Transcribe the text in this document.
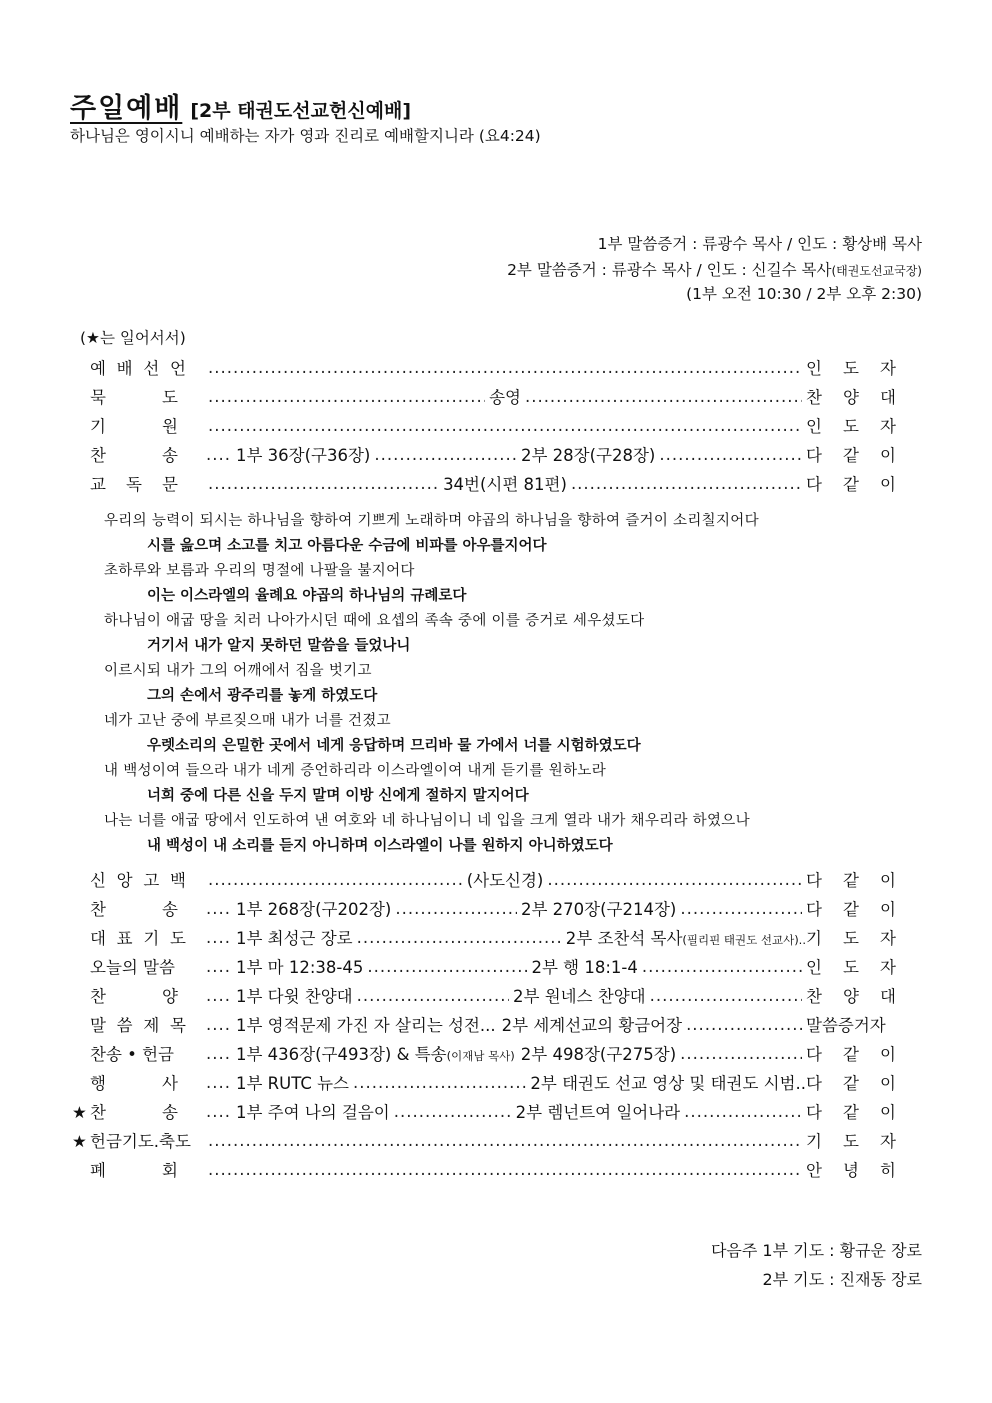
주일예배 [2부 태권도선교헌신예배]
하나님은 영이시니 예배하는 자가 영과 진리로 예배할지니라 (요4:24)
1부 말씀증거 : 류광수 목사 / 인도 : 황상배 목사
2부 말씀증거 : 류광수 목사 / 인도 : 신길수 목사(태권도선교국장)
(1부 오전 10:30 / 2부 오후 2:30)
(★는 일어서서)
예 배 선 언 .....	인 도 자
묵	도 .....	송영 .....	찬 양 대
기	원 .....	인 도 자
찬	송 .....	1부 36장(구36장) .....	2부 28장(구28장) .....	다 같 이
교 독 문 .....	34번(시편 81편) .....	다 같 이
우리의 능력이 되시는 하나님을 향하여 기쁘게 노래하며 야곱의 하나님을 향하여 즐거이 소리칠지어다
시를 읊으며 소고를 치고 아름다운 수금에 비파를 아우를지어다
초하루와 보름과 우리의 명절에 나팔을 불지어다
이는 이스라엘의 율례요 야곱의 하나님의 규례로다
하나님이 애굽 땅을 치러 나아가시던 때에 요셉의 족속 중에 이를 증거로 세우셨도다
거기서 내가 알지 못하던 말씀을 들었나니
이르시되 내가 그의 어깨에서 짐을 벗기고
그의 손에서 광주리를 놓게 하였도다
네가 고난 중에 부르짖으매 내가 너를 건졌고
우렛소리의 은밀한 곳에서 네게 응답하며 므리바 물 가에서 너를 시험하였도다
내 백성이여 들으라 내가 네게 증언하리라 이스라엘이여 내게 듣기를 원하노라
너희 중에 다른 신을 두지 말며 이방 신에게 절하지 말지어다
나는 너를 애굽 땅에서 인도하여 낸 여호와 네 하나님이니 네 입을 크게 열라 내가 채우리라 하였으나
내 백성이 내 소리를 듣지 아니하며 이스라엘이 나를 원하지 아니하였도다
신 앙 고 백 .....	(사도신경) .....	다 같 이
찬	송 .....	1부 268장(구202장) .....	2부 270장(구214장) .....	다 같 이
대 표 기 도 .....	1부 최성근 장로 .....	2부 조찬석 목사(필리핀 태권도 선교사).. 기 도 자
오늘의 말씀 .....	1부 마 12:38-45 .....	2부 행 18:1-4 .....	인 도 자
찬	양 .....	1부 다윗 찬양대 .....	2부 원네스 찬양대 .....	찬 양 대
말 씀 제 목 .....	1부 영적문제 가진 자 살리는 성전... 2부 세계선교의 황금어장 .....	말씀증거자
찬송 • 헌금 .....	1부 436장(구493장) & 특송(이재남 목사) 2부 498장(구275장) .....	다 같 이
행	사 .....	1부 RUTC 뉴스 .....	2부 태권도 선교 영상 및 태권도 시범.. 다 같 이
★ 찬	송 .....	1부 주여 나의 걸음이 .....	2부 렘넌트여 일어나라 .....	다 같 이
★ 헌금기도.축도 .....	기 도 자
폐	회 .....	안 녕 히
다음주 1부 기도 : 황규운 장로
2부 기도 : 진재동 장로
